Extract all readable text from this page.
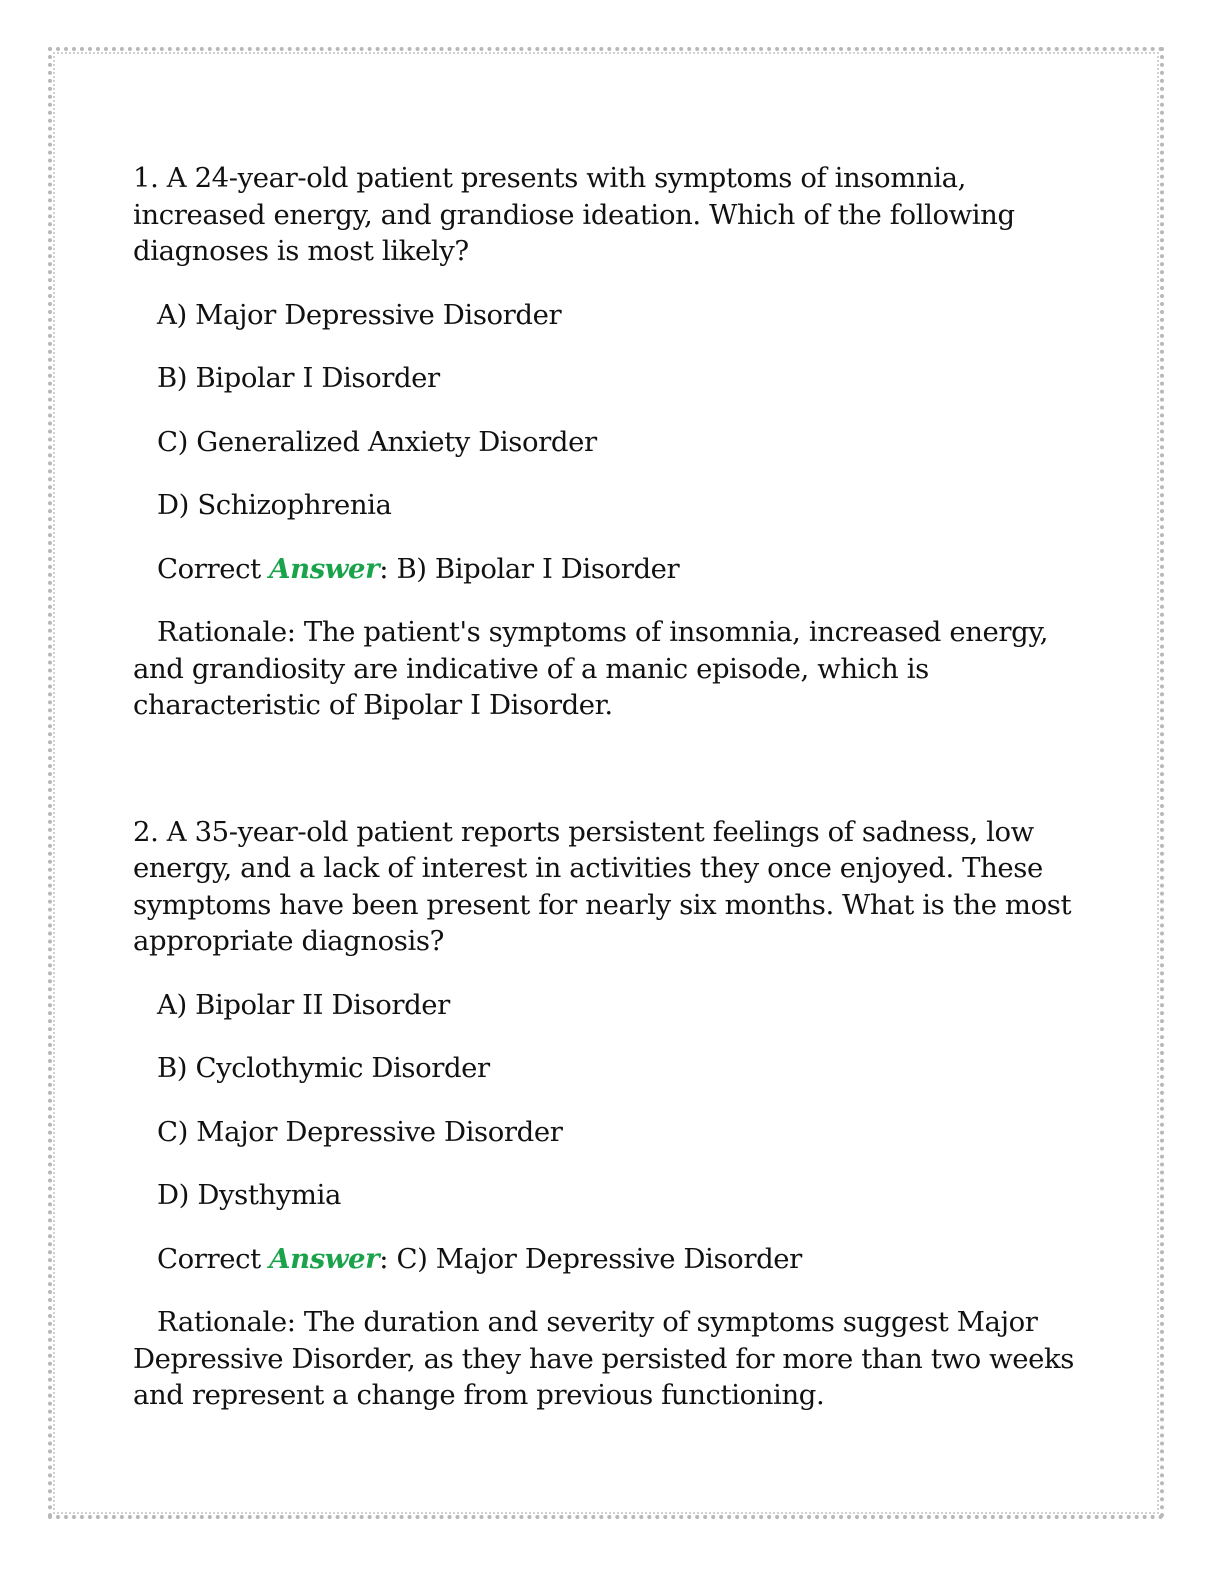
1. A 24-year-old patient presents with symptoms of insomnia, increased energy, and grandiose ideation. Which of the following diagnoses is most likely?

A) Major Depressive Disorder

B) Bipolar I Disorder

C) Generalized Anxiety Disorder

D) Schizophrenia

Correct Answer: B) Bipolar I Disorder

Rationale: The patient's symptoms of insomnia, increased energy, and grandiosity are indicative of a manic episode, which is characteristic of Bipolar I Disorder.

2. A 35-year-old patient reports persistent feelings of sadness, low energy, and a lack of interest in activities they once enjoyed. These symptoms have been present for nearly six months. What is the most appropriate diagnosis?

A) Bipolar II Disorder

B) Cyclothymic Disorder

C) Major Depressive Disorder

D) Dysthymia

Correct Answer: C) Major Depressive Disorder

Rationale: The duration and severity of symptoms suggest Major Depressive Disorder, as they have persisted for more than two weeks and represent a change from previous functioning.
